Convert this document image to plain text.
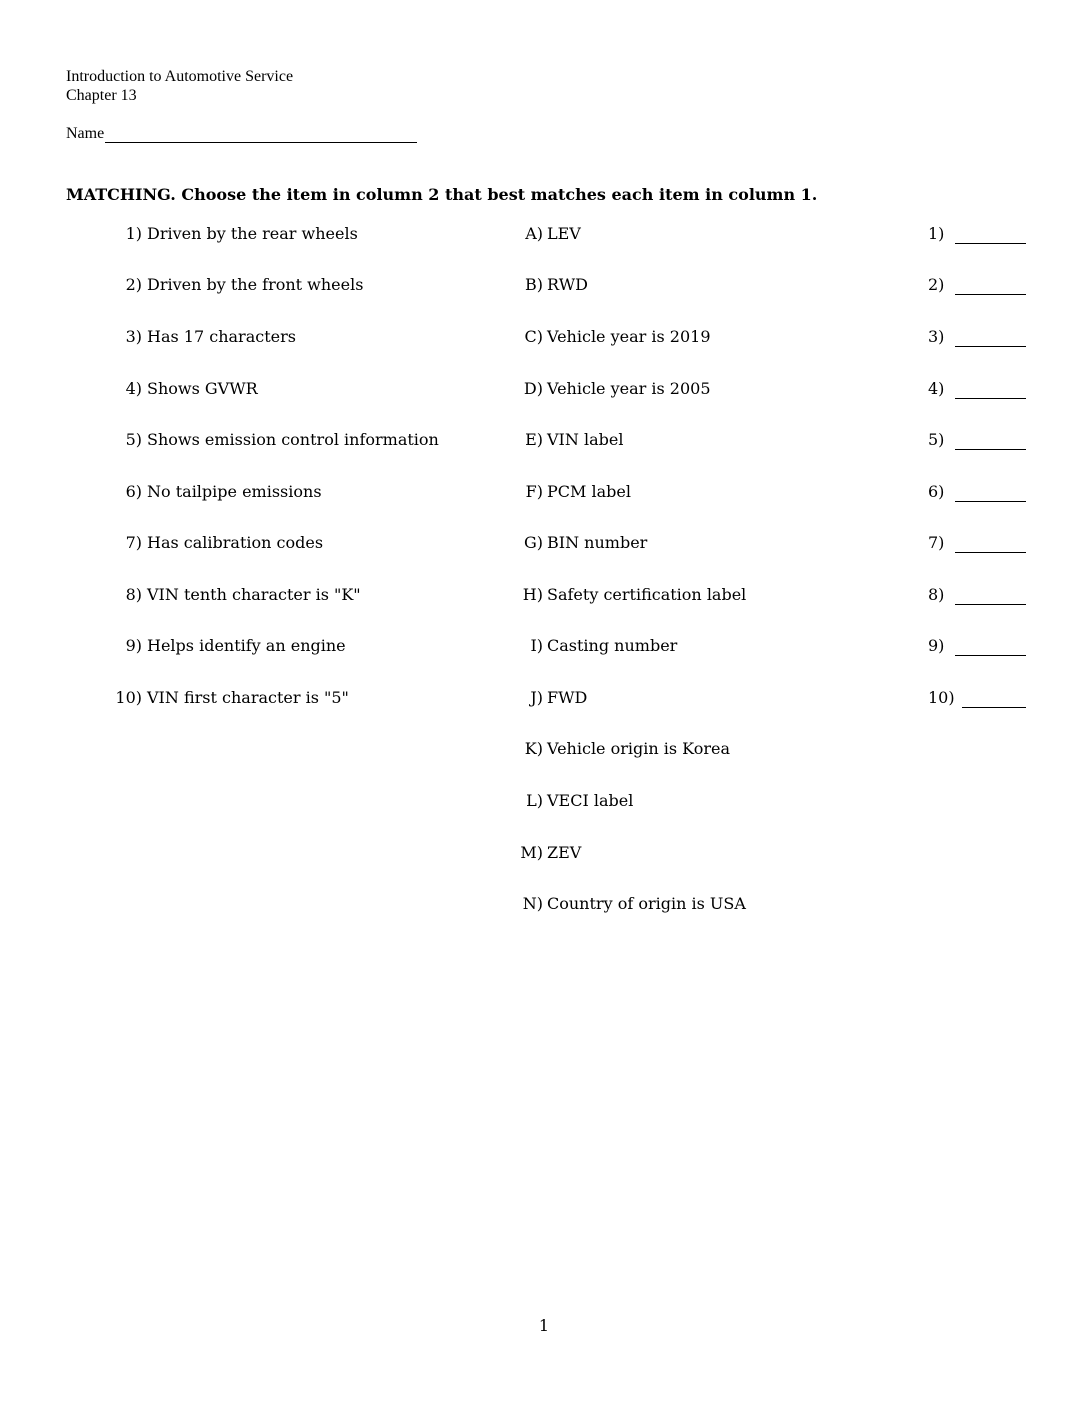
Introduction to Automotive Service
Chapter 13
Name
MATCHING. Choose the item in column 2 that best matches each item in column 1.
1) Driven by the rear wheels	A) LEV	1)
2) Driven by the front wheels	B) RWD	2)
3) Has 17 characters	C) Vehicle year is 2019	3)
4) Shows GVWR	D) Vehicle year is 2005	4)
5) Shows emission control information	E) VIN label	5)
6) No tailpipe emissions	F) PCM label	6)
7) Has calibration codes	G) BIN number	7)
8) VIN tenth character is "K"	H) Safety certification label	8)
9) Helps identify an engine	I) Casting number	9)
10) VIN first character is "5"	J) FWD	10)
K) Vehicle origin is Korea
L) VECI label
M) ZEV
N) Country of origin is USA
1
